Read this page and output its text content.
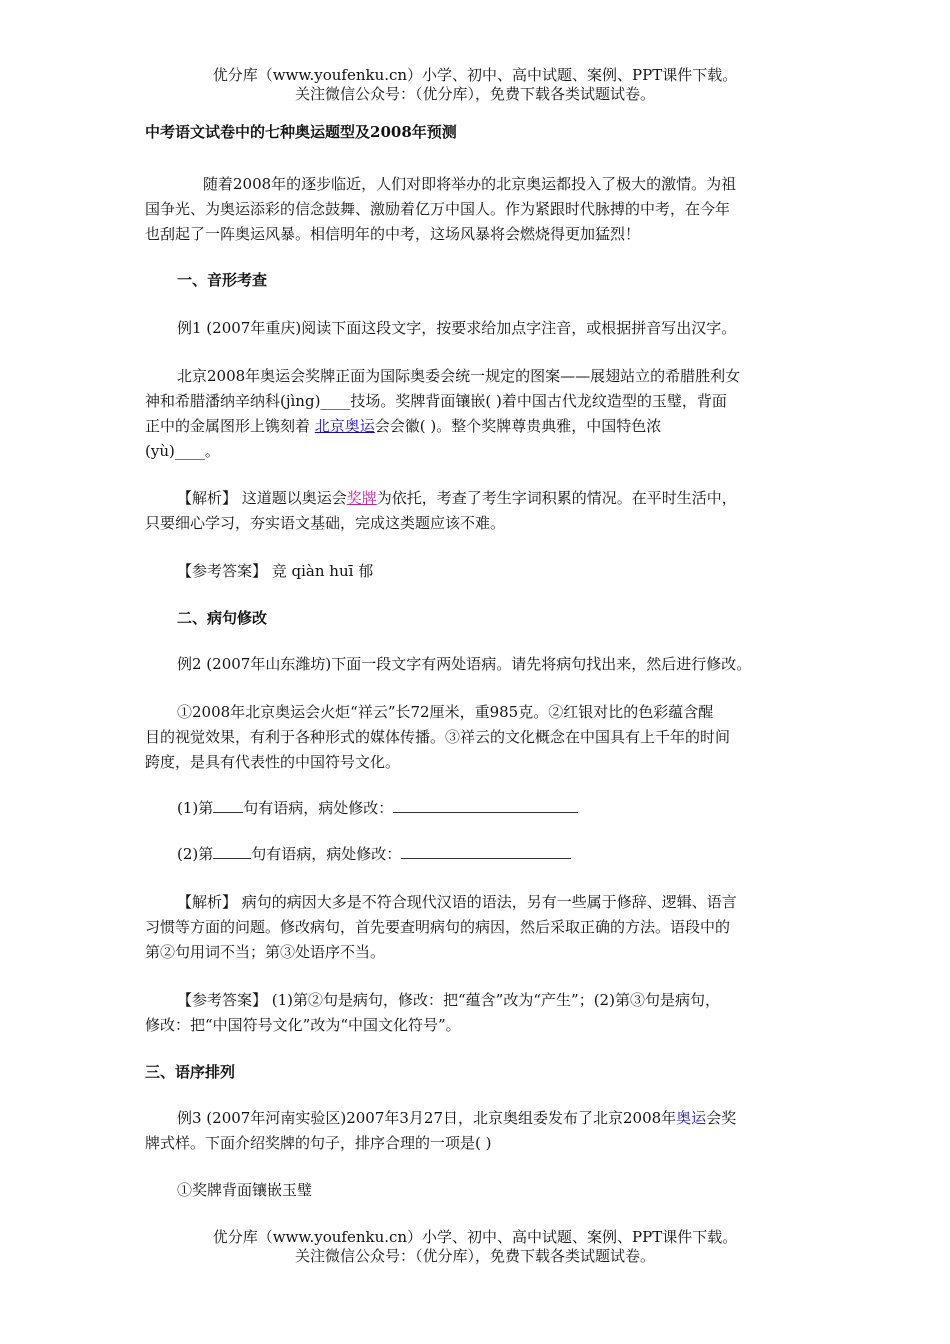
优分库（www.youfenku.cn）小学、初中、高中试题、案例、PPT课件下载。
关注微信公众号：（优分库），免费下载各类试题试卷。
中考语文试卷中的七种奥运题型及2008年预测
随着2008年的逐步临近，人们对即将举办的北京奥运都投入了极大的激情。为祖
国争光、为奥运添彩的信念鼓舞、激励着亿万中国人。作为紧跟时代脉搏的中考，在今年
也刮起了一阵奥运风暴。相信明年的中考，这场风暴将会燃烧得更加猛烈！
一、音形考查
例1 (2007年重庆)阅读下面这段文字，按要求给加点字注音，或根据拼音写出汉字。
北京2008年奥运会奖牌正面为国际奥委会统一规定的图案——展翅站立的希腊胜利女
神和希腊潘纳辛纳科(jìng)____技场。奖牌背面镶嵌( )着中国古代龙纹造型的玉璧，背面
正中的金属图形上镌刻着 北京奥运会会徽( )。整个奖牌尊贵典雅，中国特色浓
(yù)____。
【解析】 这道题以奥运会奖牌为依托，考查了考生字词积累的情况。在平时生活中，
只要细心学习，夯实语文基础，完成这类题应该不难。
【参考答案】 竞 qiàn huī 郁
二、病句修改
例2 (2007年山东潍坊)下面一段文字有两处语病。请先将病句找出来，然后进行修改。
①2008年北京奥运会火炬“祥云”长72厘米，重985克。②红银对比的色彩蕴含醒
目的视觉效果，有利于各种形式的媒体传播。③祥云的文化概念在中国具有上千年的时间
跨度，是具有代表性的中国符号文化。
(1)第 句有语病，病处修改：
(2)第	句有语病，病处修改：
【解析】 病句的病因大多是不符合现代汉语的语法，另有一些属于修辞、逻辑、语言
习惯等方面的问题。修改病句，首先要查明病句的病因，然后采取正确的方法。语段中的
第②句用词不当；第③处语序不当。
【参考答案】 (1)第②句是病句，修改：把“蕴含”改为“产生”；(2)第③句是病句，
修改：把“中国符号文化”改为“中国文化符号”。
三、语序排列
例3 (2007年河南实验区)2007年3月27日，北京奥组委发布了北京2008年奥运会奖
牌式样。下面介绍奖牌的句子，排序合理的一项是( )
①奖牌背面镶嵌玉璧
优分库（www.youfenku.cn）小学、初中、高中试题、案例、PPT课件下载。
关注微信公众号：（优分库），免费下载各类试题试卷。
